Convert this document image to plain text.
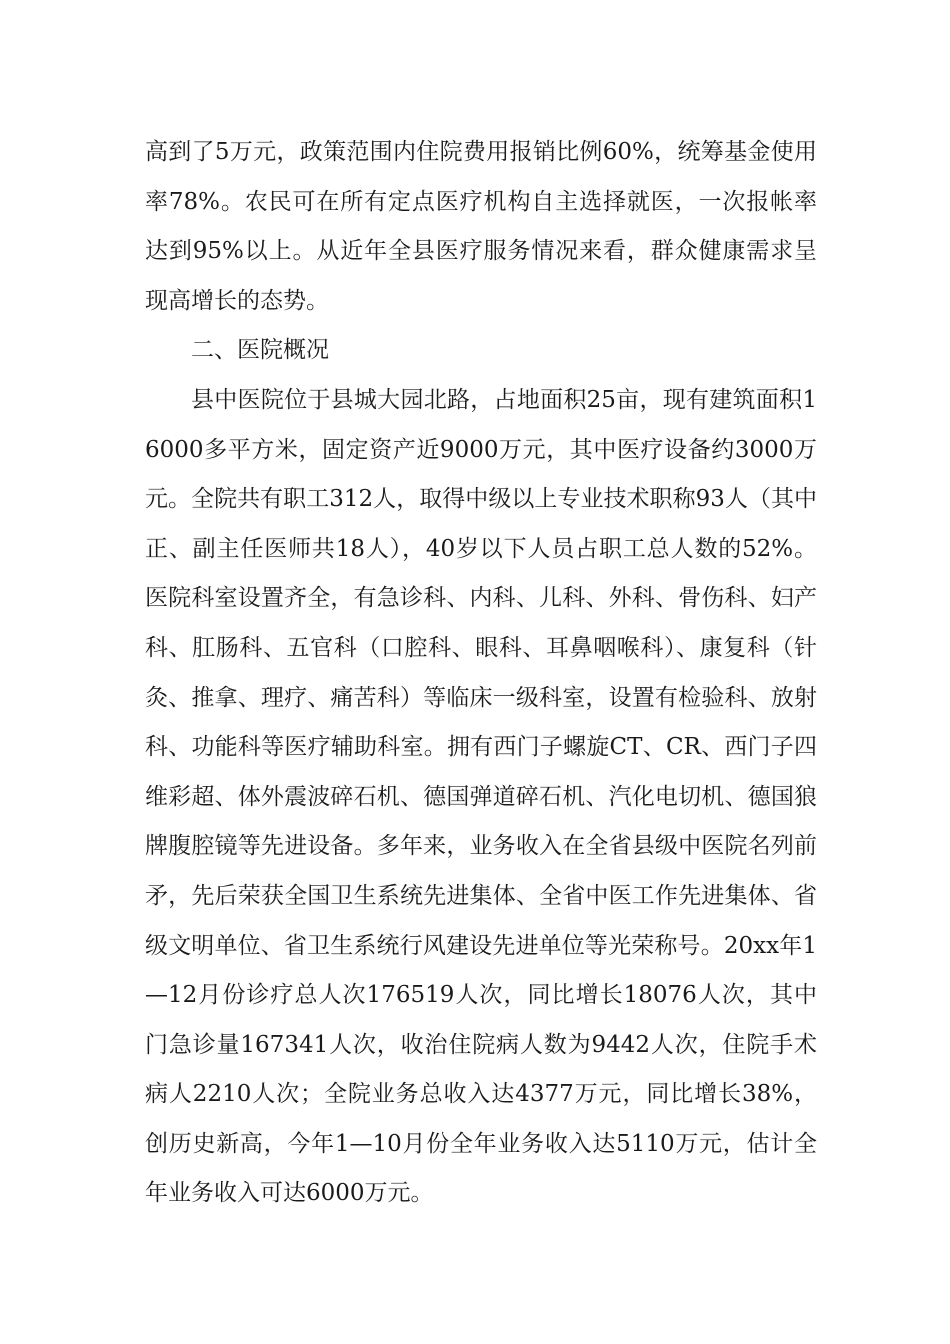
高到了5万元，政策范围内住院费用报销比例60%，统筹基金使用率78%。农民可在所有定点医疗机构自主选择就医，一次报帐率达到95%以上。从近年全县医疗服务情况来看，群众健康需求呈现高增长的态势。

二、医院概况

县中医院位于县城大园北路，占地面积25亩，现有建筑面积16000多平方米，固定资产近9000万元，其中医疗设备约3000万元。全院共有职工312人，取得中级以上专业技术职称93人（其中正、副主任医师共18人），40岁以下人员占职工总人数的52%。医院科室设置齐全，有急诊科、内科、儿科、外科、骨伤科、妇产科、肛肠科、五官科（口腔科、眼科、耳鼻咽喉科）、康复科（针灸、推拿、理疗、痛苦科）等临床一级科室，设置有检验科、放射科、功能科等医疗辅助科室。拥有西门子螺旋CT、CR、西门子四维彩超、体外震波碎石机、德国弹道碎石机、汽化电切机、德国狼牌腹腔镜等先进设备。多年来，业务收入在全省县级中医院名列前矛，先后荣获全国卫生系统先进集体、全省中医工作先进集体、省级文明单位、省卫生系统行风建设先进单位等光荣称号。20xx年1—12月份诊疗总人次176519人次，同比增长18076人次，其中门急诊量167341人次，收治住院病人数为9442人次，住院手术病人2210人次；全院业务总收入达4377万元，同比增长38%，创历史新高，今年1—10月份全年业务收入达5110万元，估计全年业务收入可达6000万元。
